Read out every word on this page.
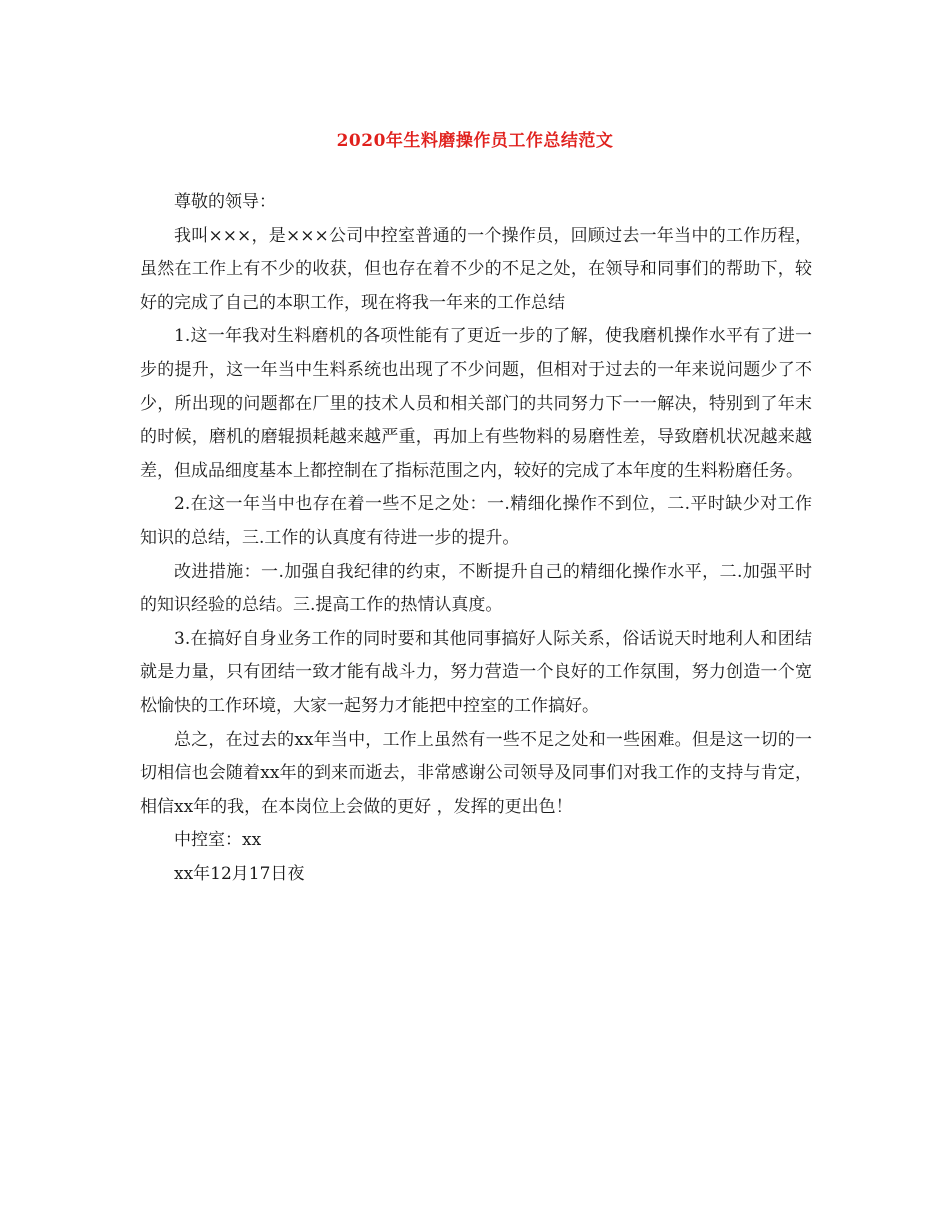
2020年生料磨操作员工作总结范文

尊敬的领导：

我叫×××，是×××公司中控室普通的一个操作员，回顾过去一年当中的工作历程，虽然在工作上有不少的收获，但也存在着不少的不足之处，在领导和同事们的帮助下，较好的完成了自己的本职工作，现在将我一年来的工作总结

1.这一年我对生料磨机的各项性能有了更近一步的了解，使我磨机操作水平有了进一步的提升，这一年当中生料系统也出现了不少问题，但相对于过去的一年来说问题少了不少，所出现的问题都在厂里的技术人员和相关部门的共同努力下一一解决，特别到了年末的时候，磨机的磨辊损耗越来越严重，再加上有些物料的易磨性差，导致磨机状况越来越差，但成品细度基本上都控制在了指标范围之内，较好的完成了本年度的生料粉磨任务。

2.在这一年当中也存在着一些不足之处：一.精细化操作不到位，二.平时缺少对工作知识的总结，三.工作的认真度有待进一步的提升。

改进措施：一.加强自我纪律的约束，不断提升自己的精细化操作水平，二.加强平时的知识经验的总结。三.提高工作的热情认真度。

3.在搞好自身业务工作的同时要和其他同事搞好人际关系，俗话说天时地利人和团结就是力量，只有团结一致才能有战斗力，努力营造一个良好的工作氛围，努力创造一个宽松愉快的工作环境，大家一起努力才能把中控室的工作搞好。

总之，在过去的xx年当中，工作上虽然有一些不足之处和一些困难。但是这一切的一切相信也会随着xx年的到来而逝去，非常感谢公司领导及同事们对我工作的支持与肯定，相信xx年的我，在本岗位上会做的更好 ，发挥的更出色！

中控室：xx

xx年12月17日夜
